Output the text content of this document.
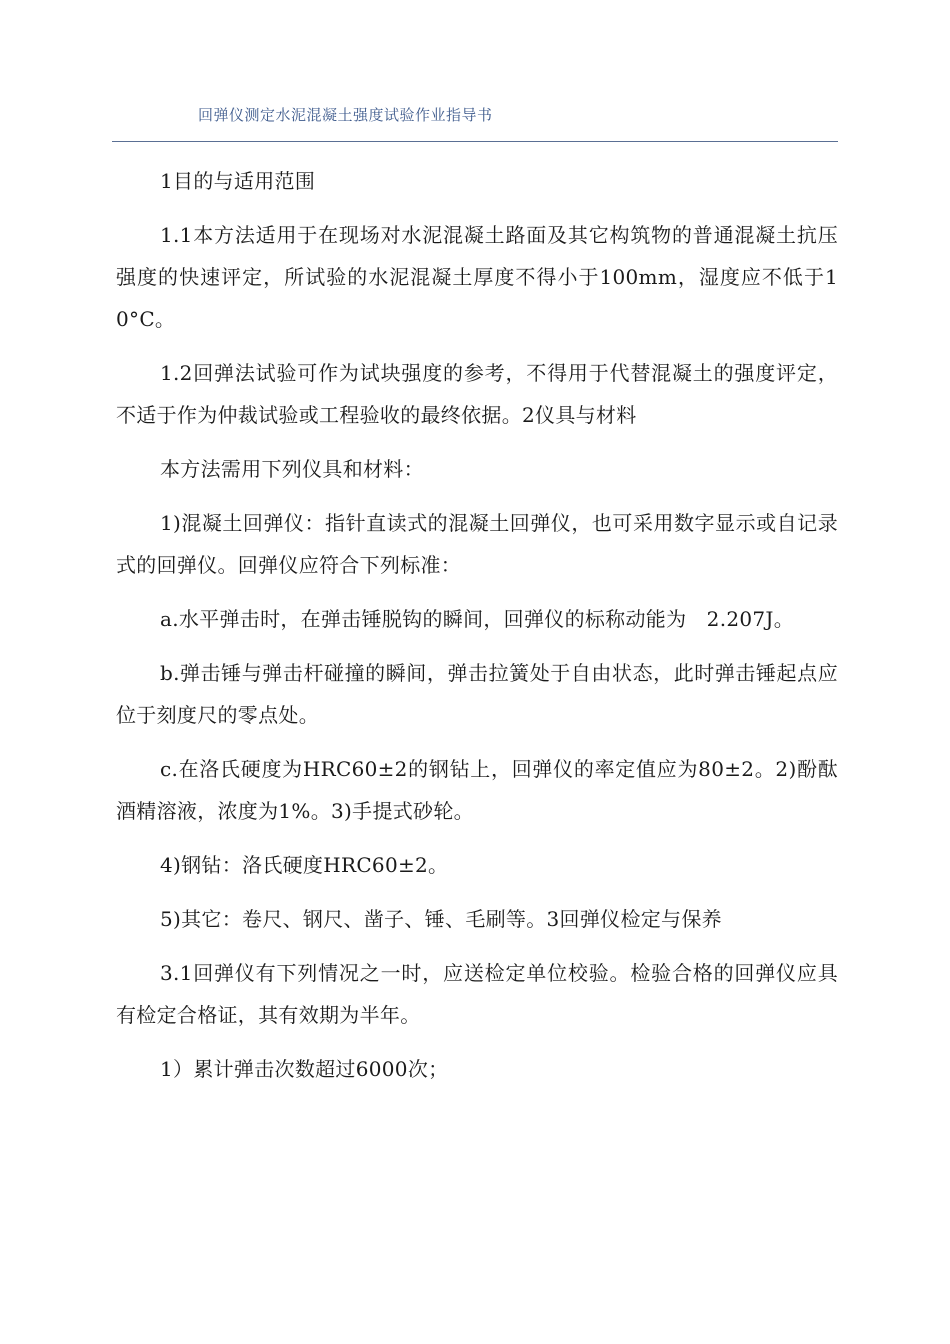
回弹仪测定水泥混凝土强度试验作业指导书

1目的与适用范围

1.1本方法适用于在现场对水泥混凝土路面及其它构筑物的普通混凝土抗压强度的快速评定，所试验的水泥混凝土厚度不得小于100mm，湿度应不低于10°C。

1.2回弹法试验可作为试块强度的参考，不得用于代替混凝土的强度评定，不适于作为仲裁试验或工程验收的最终依据。2仪具与材料

本方法需用下列仪具和材料：

1)混凝土回弹仪：指针直读式的混凝土回弹仪，也可采用数字显示或自记录式的回弹仪。回弹仪应符合下列标准：

a.水平弹击时，在弹击锤脱钩的瞬间，回弹仪的标称动能为　2.207J。

b.弹击锤与弹击杆碰撞的瞬间，弹击拉簧处于自由状态，此时弹击锤起点应位于刻度尺的零点处。

c.在洛氏硬度为HRC60±2的钢钻上，回弹仪的率定值应为80±2。2)酚酞酒精溶液，浓度为1%。3)手提式砂轮。

4)钢钻：洛氏硬度HRC60±2。

5)其它：卷尺、钢尺、凿子、锤、毛刷等。3回弹仪检定与保养

3.1回弹仪有下列情况之一时，应送检定单位校验。检验合格的回弹仪应具有检定合格证，其有效期为半年。

1）累计弹击次数超过6000次；
